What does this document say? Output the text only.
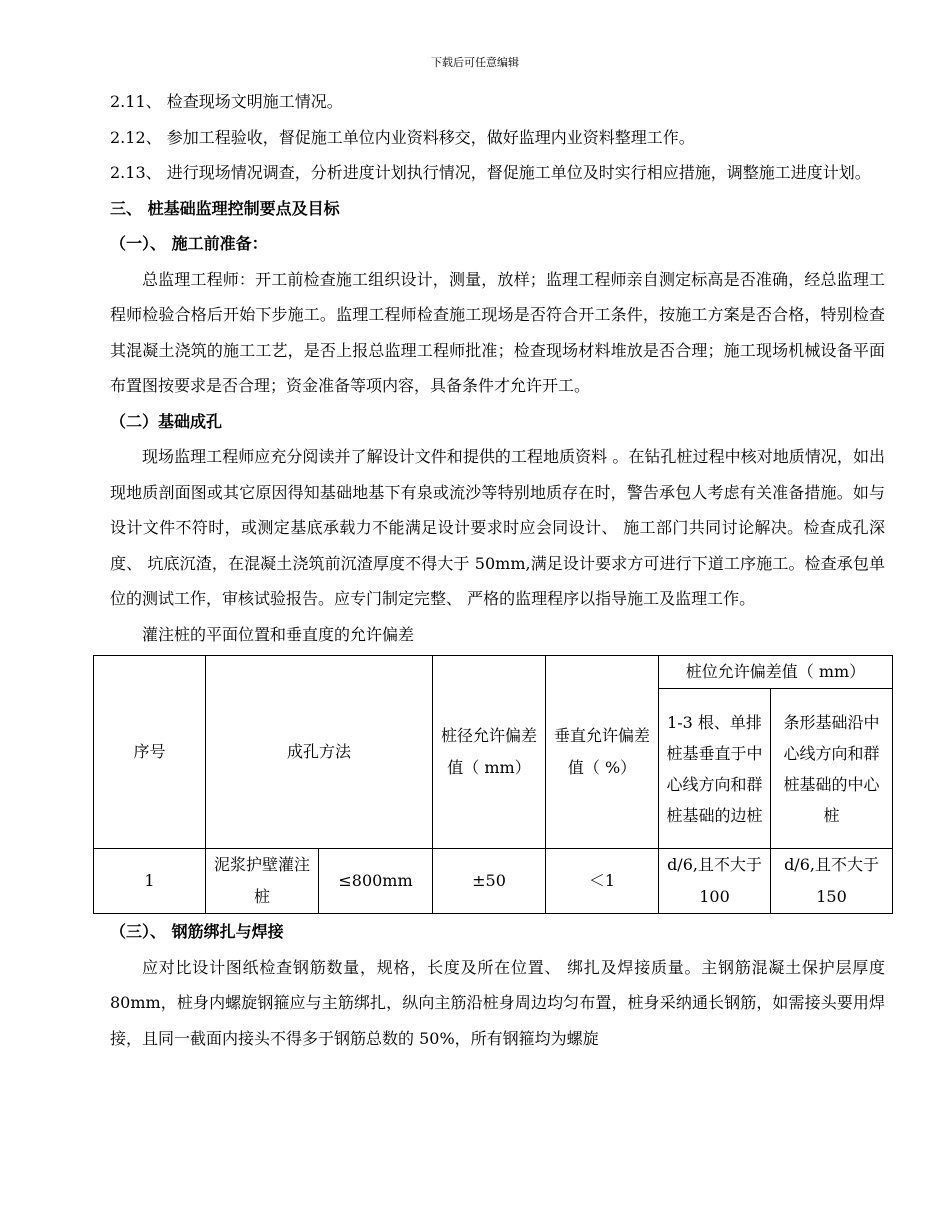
下载后可任意编辑

2.11、 检查现场文明施工情况。

2.12、 参加工程验收，督促施工单位内业资料移交，做好监理内业资料整理工作。

2.13、 进行现场情况调查，分析进度计划执行情况，督促施工单位及时实行相应措施，调整施工进度计划。

三、 桩基础监理控制要点及目标

（一）、 施工前准备：

总监理工程师：开工前检查施工组织设计，测量，放样；监理工程师亲自测定标高是否准确，经总监理工程师检验合格后开始下步施工。监理工程师检查施工现场是否符合开工条件，按施工方案是否合格，特别检查其混凝土浇筑的施工工艺，是否上报总监理工程师批准；检查现场材料堆放是否合理；施工现场机械设备平面布置图按要求是否合理；资金准备等项内容，具备条件才允许开工。

（二）基础成孔

现场监理工程师应充分阅读并了解设计文件和提供的工程地质资料 。在钻孔桩过程中核对地质情况，如出现地质剖面图或其它原因得知基础地基下有泉或流沙等特别地质存在时，警告承包人考虑有关准备措施。如与设计文件不符时，或测定基底承载力不能满足设计要求时应会同设计、 施工部门共同讨论解决。检查成孔深度、 坑底沉渣，在混凝土浇筑前沉渣厚度不得大于 50mm,满足设计要求方可进行下道工序施工。检查承包单位的测试工作，审核试验报告。应专门制定完整、 严格的监理程序以指导施工及监理工作。

灌注桩的平面位置和垂直度的允许偏差

序号	成孔方法		桩径允许偏差值（ mm）	垂直允许偏差值（ %）	桩位允许偏差值（ mm）	
					1-3 根、单排桩基垂直于中心线方向和群桩基础的边桩	条形基础沿中心线方向和群桩基础的中心桩
1	泥浆护壁灌注桩	≤800mm	±50	＜1	d/6,且不大于 100	d/6,且不大于 150

（三）、 钢筋绑扎与焊接

应对比设计图纸检查钢筋数量，规格，长度及所在位置、 绑扎及焊接质量。主钢筋混凝土保护层厚度 80mm，桩身内螺旋钢箍应与主筋绑扎，纵向主筋沿桩身周边均匀布置，桩身采纳通长钢筋，如需接头要用焊接，且同一截面内接头不得多于钢筋总数的 50%，所有钢箍均为螺旋
